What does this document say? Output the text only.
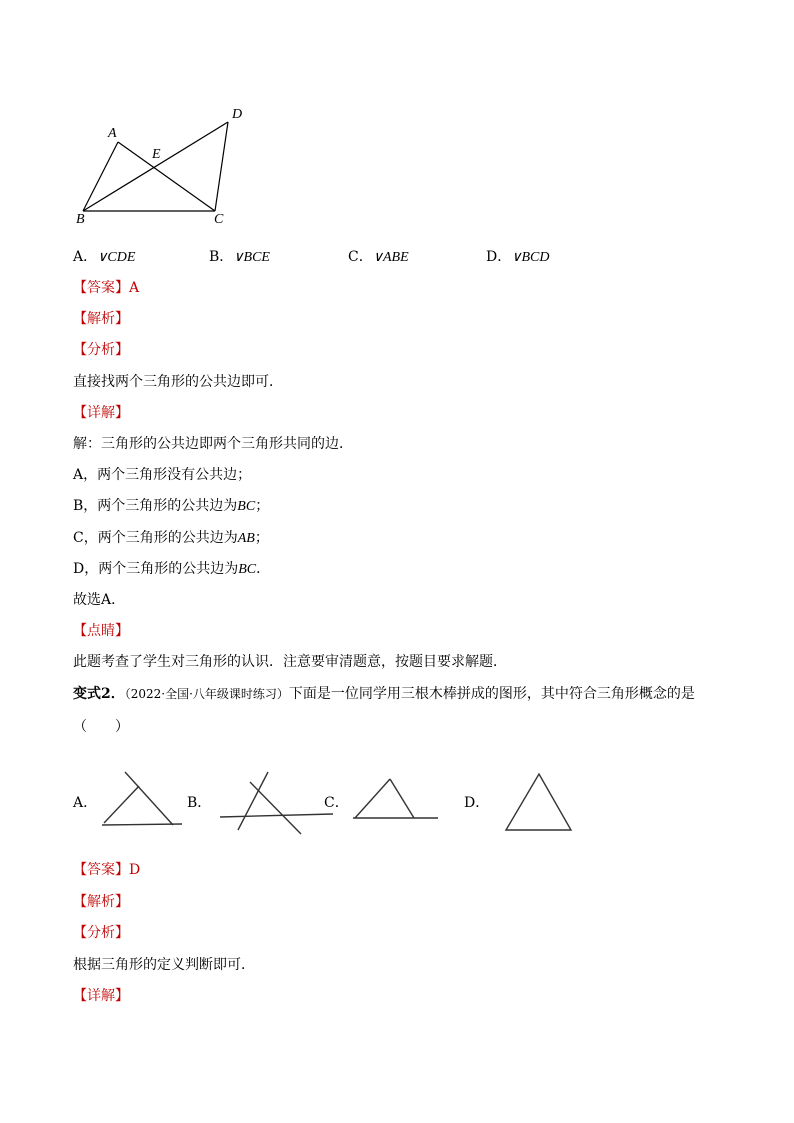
A
D
E
B	C
A．∨CDE	B．∨BCE	C．∨ABE	D．∨BCD
【答案】A
【解析】
【分析】
直接找两个三角形的公共边即可．
【详解】
解：三角形的公共边即两个三角形共同的边．
A，两个三角形没有公共边；
B，两个三角形的公共边为BC；
C，两个三角形的公共边为AB；
D，两个三角形的公共边为BC．
故选A．
【点睛】
此题考查了学生对三角形的认识．注意要审清题意，按题目要求解题．
变式2．（2022·全国·八年级课时练习）下面是一位同学用三根木棒拼成的图形，其中符合三角形概念的是
（　　）
A．	B．	C．	D．
【答案】D
【解析】
【分析】
根据三角形的定义判断即可．
【详解】
